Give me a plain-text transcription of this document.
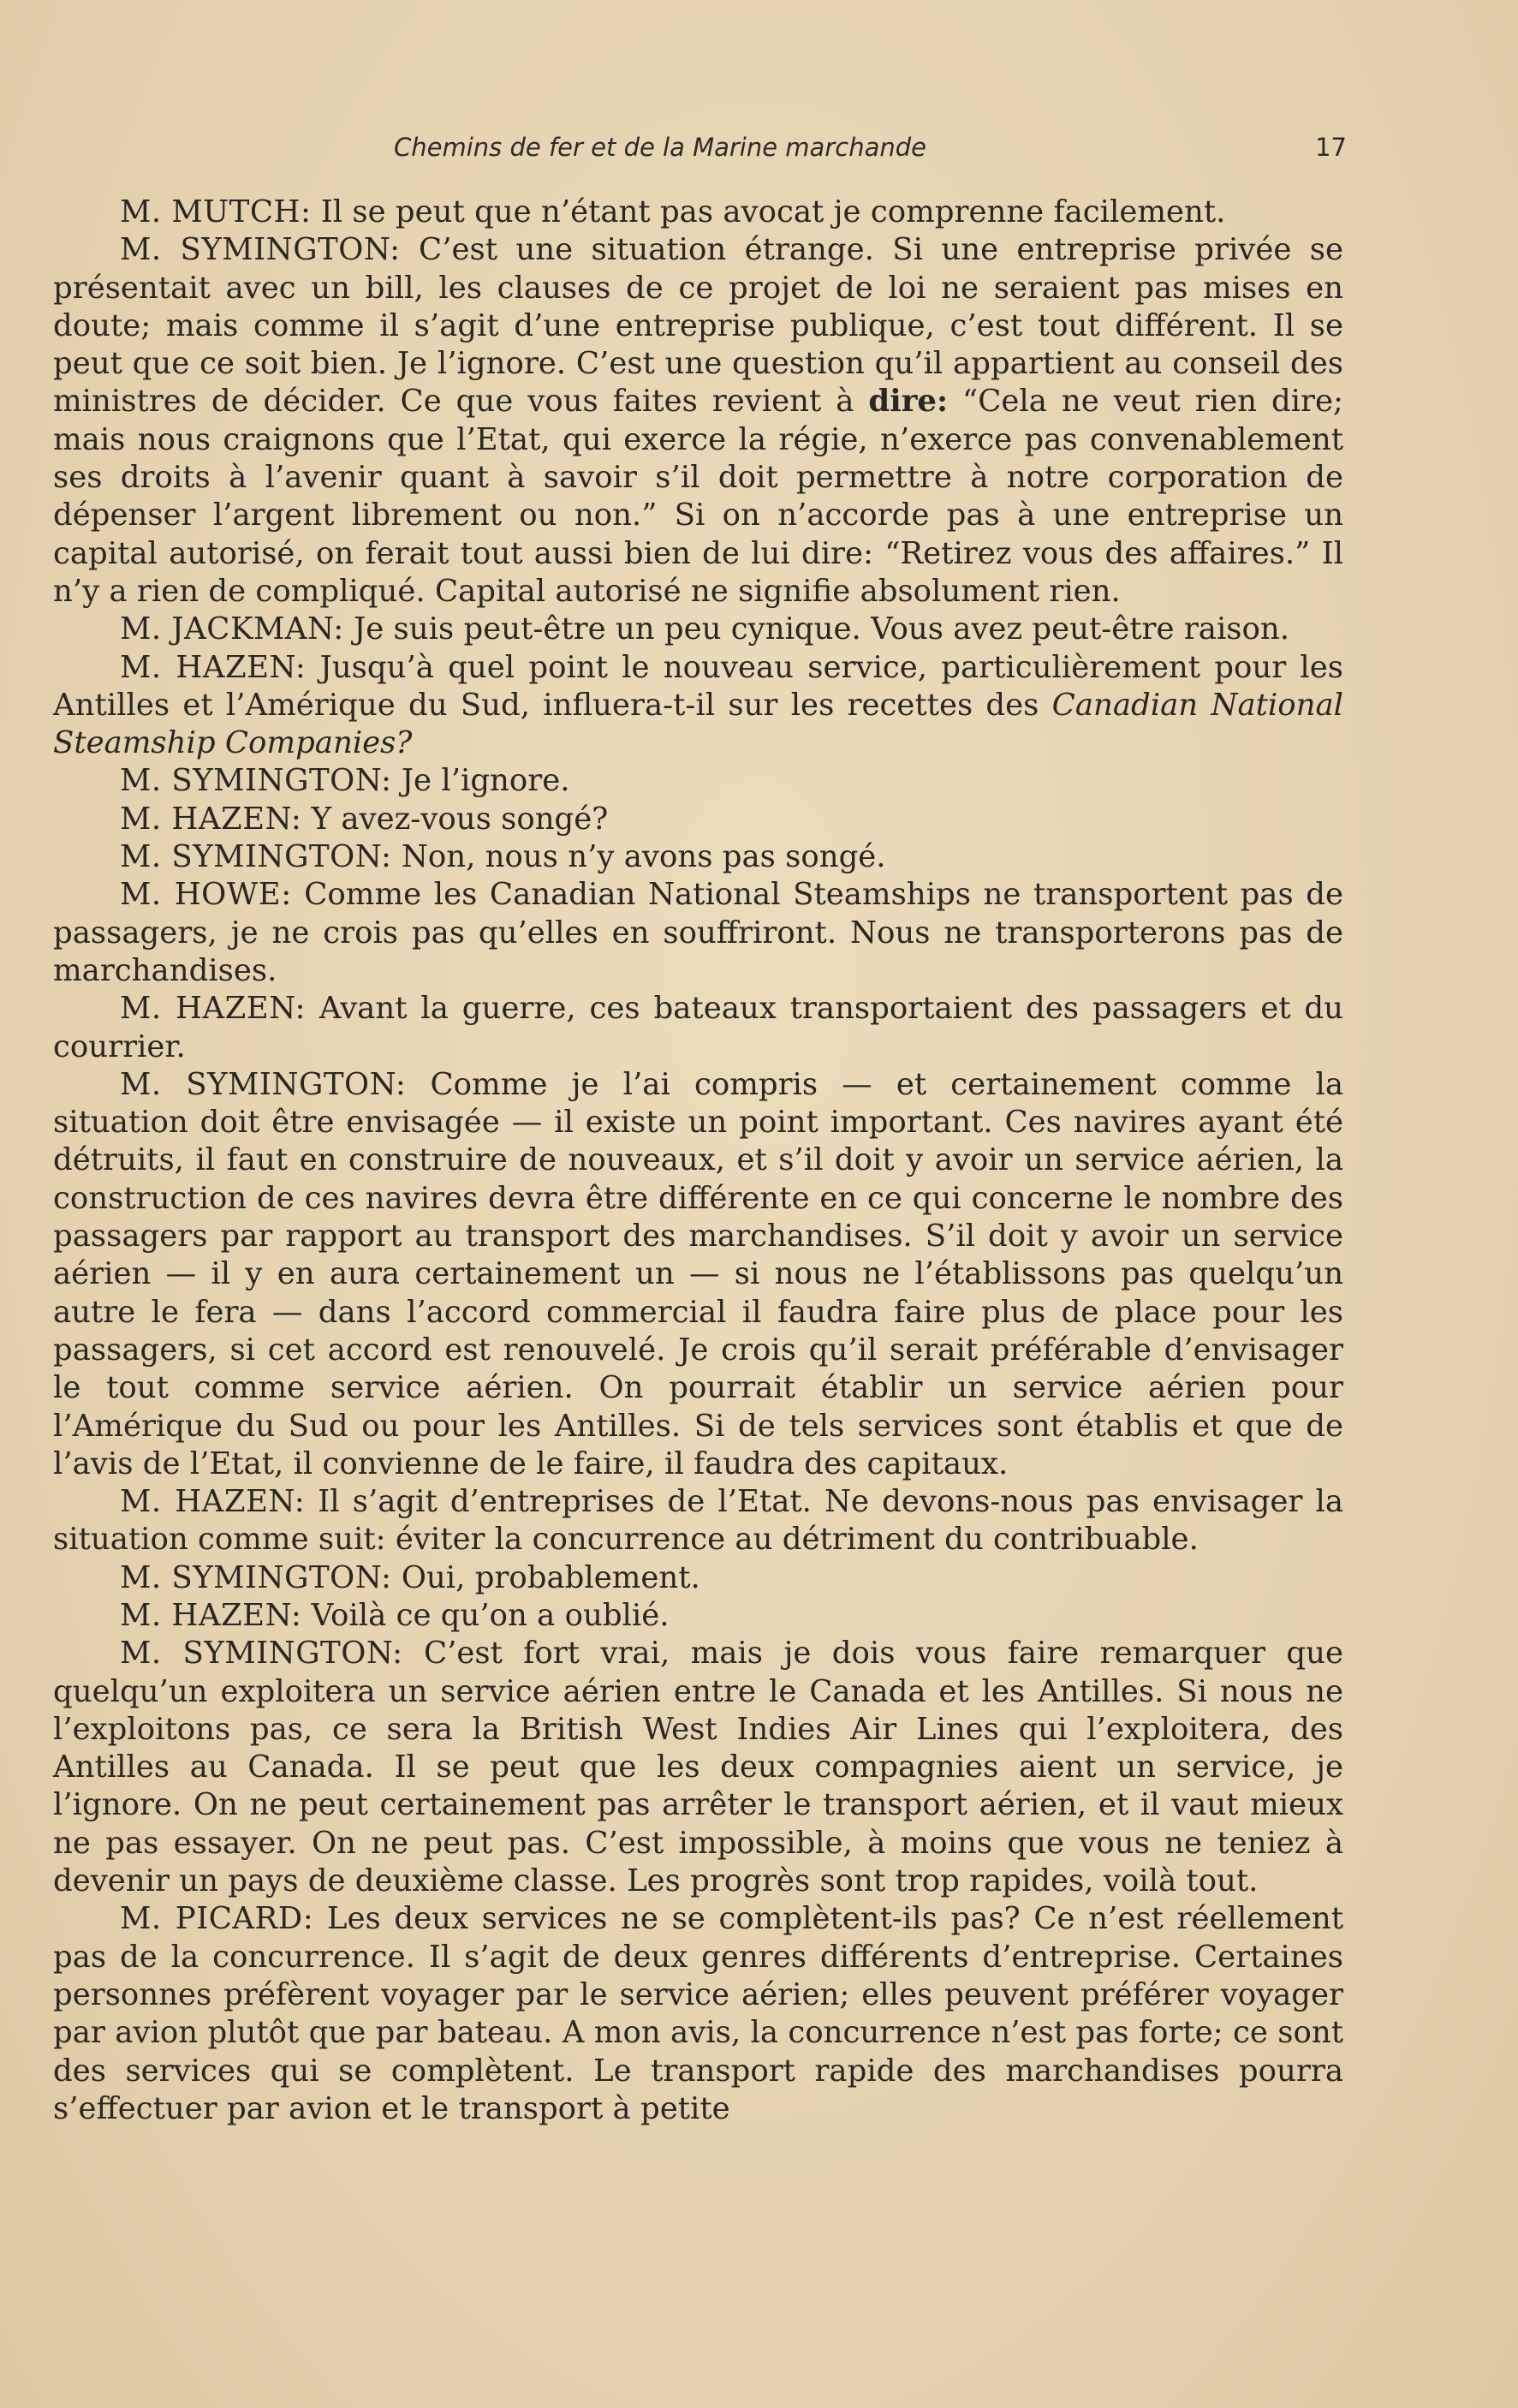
Chemins de fer et de la Marine marchande	17

M. MUTCH: Il se peut que n’étant pas avocat je comprenne facilement.

M. SYMINGTON: C’est une situation étrange. Si une entreprise privée se présentait avec un bill, les clauses de ce projet de loi ne seraient pas mises en doute; mais comme il s’agit d’une entreprise publique, c’est tout différent. Il se peut que ce soit bien. Je l’ignore. C’est une question qu’il appartient au conseil des ministres de décider. Ce que vous faites revient à dire: “Cela ne veut rien dire; mais nous craignons que l’Etat, qui exerce la régie, n’exerce pas convenablement ses droits à l’avenir quant à savoir s’il doit permettre à notre corporation de dépenser l’argent librement ou non.” Si on n’accorde pas à une entreprise un capital autorisé, on ferait tout aussi bien de lui dire: “Retirez vous des affaires.” Il n’y a rien de compliqué. Capital autorisé ne signifie absolument rien.

M. JACKMAN: Je suis peut-être un peu cynique. Vous avez peut-être raison.

M. HAZEN: Jusqu’à quel point le nouveau service, particulièrement pour les Antilles et l’Amérique du Sud, influera-t-il sur les recettes des Canadian National Steamship Companies?

M. SYMINGTON: Je l’ignore.

M. HAZEN: Y avez-vous songé?

M. SYMINGTON: Non, nous n’y avons pas songé.

M. HOWE: Comme les Canadian National Steamships ne transportent pas de passagers, je ne crois pas qu’elles en souffriront. Nous ne transporterons pas de marchandises.

M. HAZEN: Avant la guerre, ces bateaux transportaient des passagers et du courrier.

M. SYMINGTON: Comme je l’ai compris — et certainement comme la situation doit être envisagée — il existe un point important. Ces navires ayant été détruits, il faut en construire de nouveaux, et s’il doit y avoir un service aérien, la construction de ces navires devra être différente en ce qui concerne le nombre des passagers par rapport au transport des marchandises. S’il doit y avoir un service aérien — il y en aura certainement un — si nous ne l’établissons pas quelqu’un autre le fera — dans l’accord commercial il faudra faire plus de place pour les passagers, si cet accord est renouvelé. Je crois qu’il serait préférable d’envisager le tout comme service aérien. On pourrait établir un service aérien pour l’Amérique du Sud ou pour les Antilles. Si de tels services sont établis et que de l’avis de l’Etat, il convienne de le faire, il faudra des capitaux.

M. HAZEN: Il s’agit d’entreprises de l’Etat. Ne devons-nous pas envisager la situation comme suit: éviter la concurrence au détriment du contribuable.

M. SYMINGTON: Oui, probablement.

M. HAZEN: Voilà ce qu’on a oublié.

M. SYMINGTON: C’est fort vrai, mais je dois vous faire remarquer que quelqu’un exploitera un service aérien entre le Canada et les Antilles. Si nous ne l’exploitons pas, ce sera la British West Indies Air Lines qui l’exploitera, des Antilles au Canada. Il se peut que les deux compagnies aient un service, je l’ignore. On ne peut certainement pas arrêter le transport aérien, et il vaut mieux ne pas essayer. On ne peut pas. C’est impossible, à moins que vous ne teniez à devenir un pays de deuxième classe. Les progrès sont trop rapides, voilà tout.

M. PICARD: Les deux services ne se complètent-ils pas? Ce n’est réellement pas de la concurrence. Il s’agit de deux genres différents d’entreprise. Certaines personnes préfèrent voyager par le service aérien; elles peuvent préférer voyager par avion plutôt que par bateau. A mon avis, la concurrence n’est pas forte; ce sont des services qui se complètent. Le transport rapide des marchandises pourra s’effectuer par avion et le transport à petite
